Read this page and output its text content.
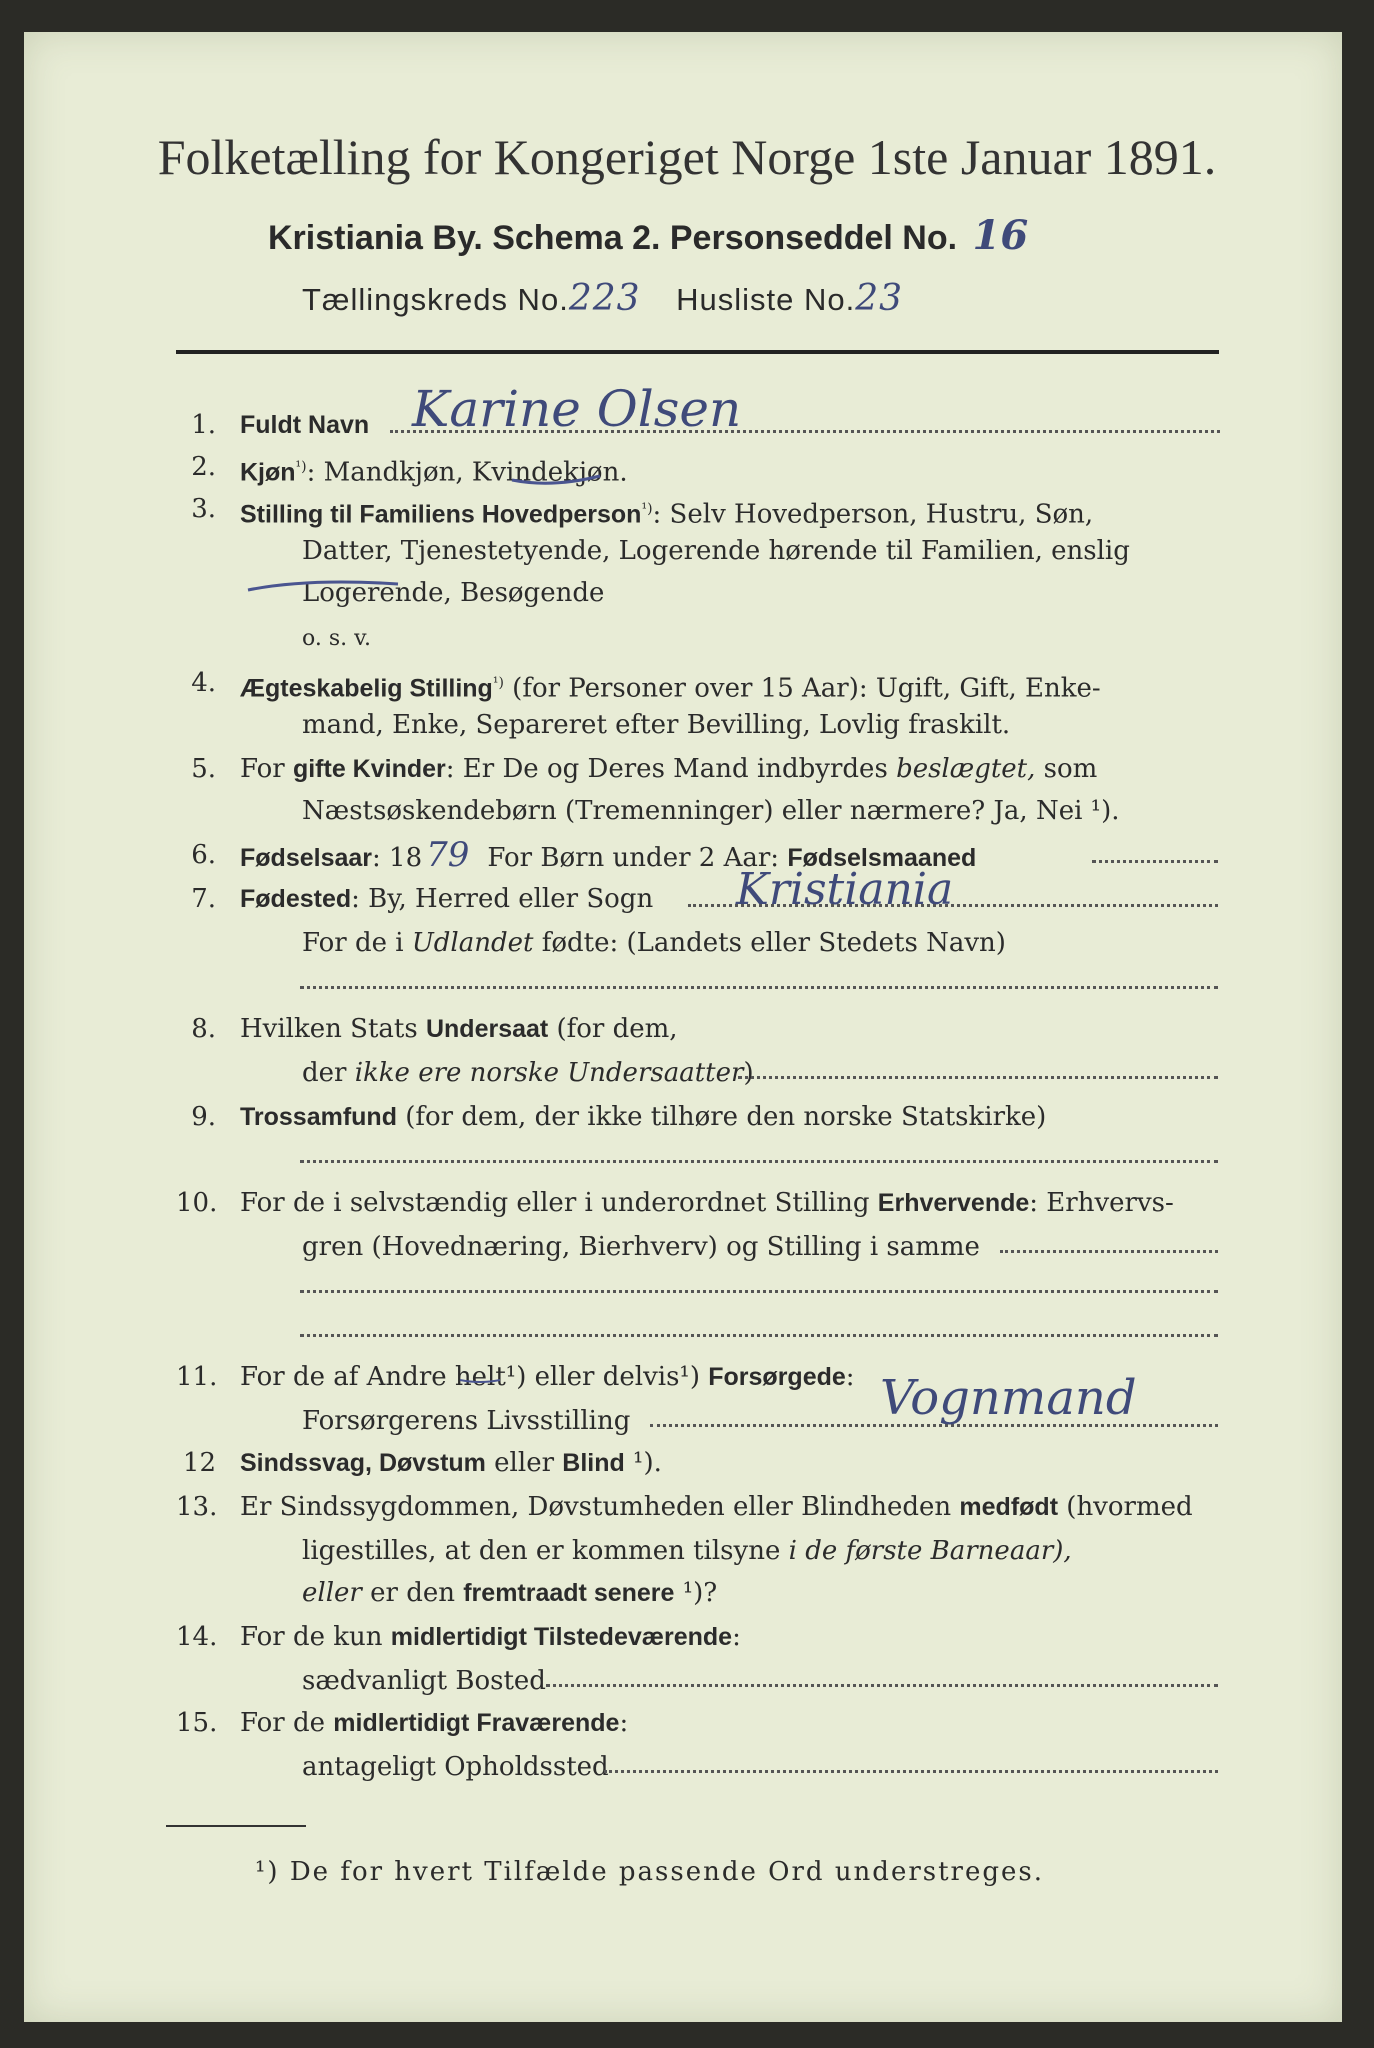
Folketælling for Kongeriget Norge 1ste Januar 1891.
Kristiania By. Schema 2. Personseddel No. 16
Tællingskreds No.223 Husliste No.23
1. Fuldt Navn Karine Olsen
2. Kjøn$^{^1)}$: Mandkjøn, Kvindekjøn.
3. Stilling til Familiens Hovedperson$^{^1)}$: Selv Hovedperson, Hustru, Søn,
Datter, Tjenestetyende, Logerende hørende til Familien, enslig
Logerende, Besøgende
o. s. v.
4. Ægteskabelig Stilling$^{^1)}$ (for Personer over 15 Aar): Ugift, Gift, Enke-
mand, Enke, Separeret efter Bevilling, Lovlig fraskilt.
5. For gifte Kvinder: Er De og Deres Mand indbyrdes beslægtet, som
Næstsøskendebørn (Tremenninger) eller nærmere? Ja, Nei ¹).
6. Fødselsaar: 18 79 For Børn under 2 Aar: Fødselsmaaned
7. Fødested: By, Herred eller Sogn Kristiania
For de i Udlandet fødte: (Landets eller Stedets Navn)
8. Hvilken Stats Undersaat (for dem,
der ikke ere norske Undersaatter)
9. Trossamfund (for dem, der ikke tilhøre den norske Statskirke)
10. For de i selvstændig eller i underordnet Stilling Erhvervende: Erhvervs-
gren (Hovednæring, Bierhverv) og Stilling i samme
11. For de af Andre helt¹) eller delvis¹) Forsørgede:
Forsørgerens Livsstilling	Vognmand
12 Sindssvag, Døvstum eller Blind ¹).
13. Er Sindssygdommen, Døvstumheden eller Blindheden medfødt (hvormed
ligestilles, at den er kommen tilsyne i de første Barneaar),
eller er den fremtraadt senere ¹)?
14. For de kun midlertidigt Tilstedeværende:
sædvanligt Bosted
15. For de midlertidigt Fraværende:
antageligt Opholdssted
¹) De for hvert Tilfælde passende Ord understreges.
